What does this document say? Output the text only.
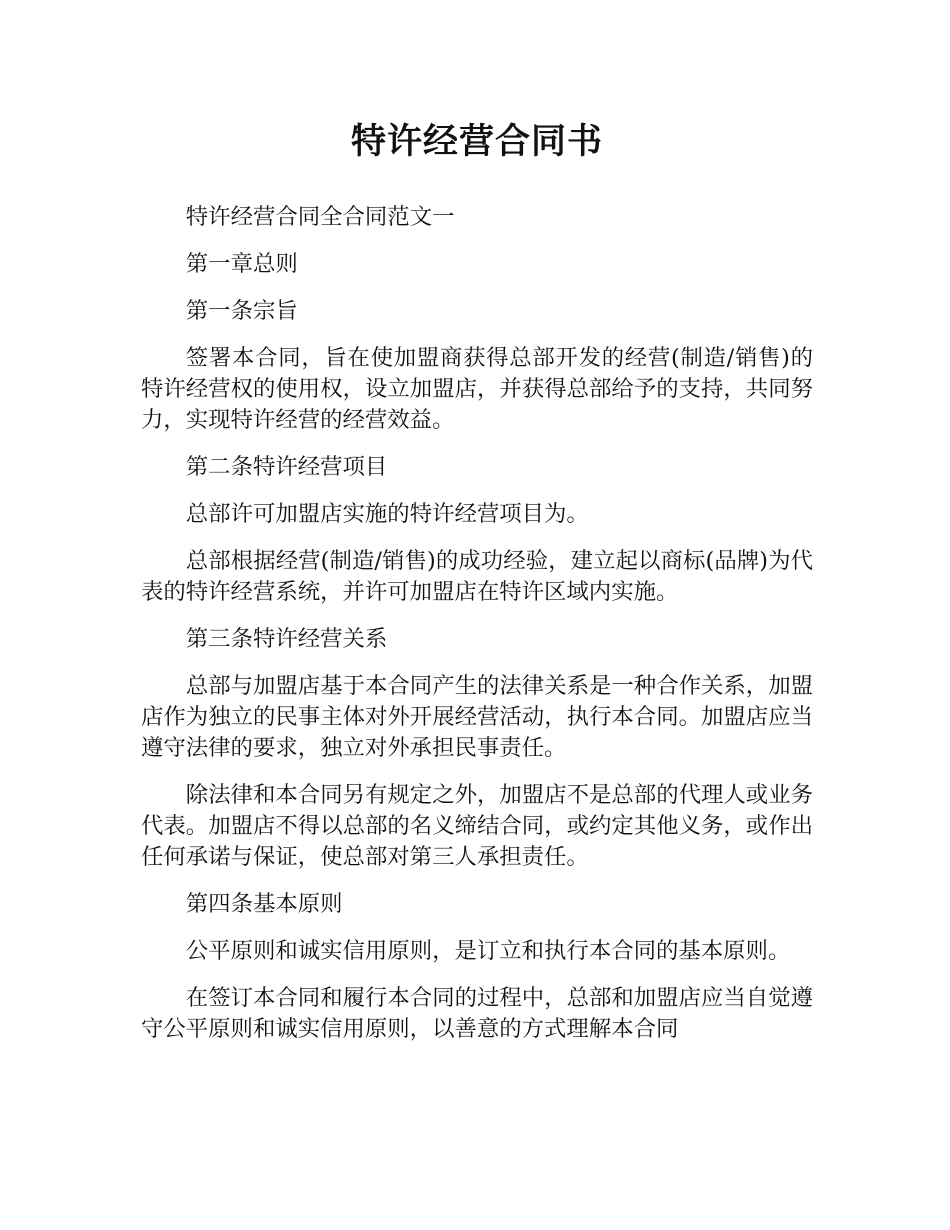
特许经营合同书

特许经营合同全合同范文一

第一章总则

第一条宗旨

签署本合同，旨在使加盟商获得总部开发的经营(制造/销售)的特许经营权的使用权，设立加盟店，并获得总部给予的支持，共同努力，实现特许经营的经营效益。

第二条特许经营项目

总部许可加盟店实施的特许经营项目为。

总部根据经营(制造/销售)的成功经验，建立起以商标(品牌)为代表的特许经营系统，并许可加盟店在特许区域内实施。

第三条特许经营关系

总部与加盟店基于本合同产生的法律关系是一种合作关系，加盟店作为独立的民事主体对外开展经营活动，执行本合同。加盟店应当遵守法律的要求，独立对外承担民事责任。

除法律和本合同另有规定之外，加盟店不是总部的代理人或业务代表。加盟店不得以总部的名义缔结合同，或约定其他义务，或作出任何承诺与保证，使总部对第三人承担责任。

第四条基本原则

公平原则和诚实信用原则，是订立和执行本合同的基本原则。

在签订本合同和履行本合同的过程中，总部和加盟店应当自觉遵守公平原则和诚实信用原则，以善意的方式理解本合同
